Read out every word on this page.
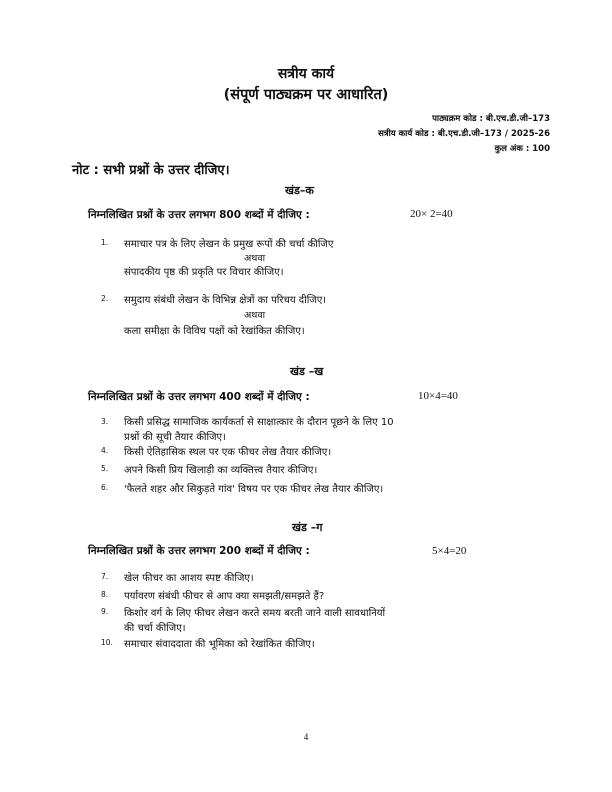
सत्रीय कार्य
(संपूर्ण पाठ्यक्रम पर आधारित)
पाठ्यक्रम कोड : बी.एच.डी.जी–173
सत्रीय कार्य कोड : बी.एच.डी.जी–173 / 2025-26
कुल अंक : 100
नोट : सभी प्रश्नों के उत्तर दीजिए।
खंड–क
निम्नलिखित प्रश्नों के उत्तर लगभग 800 शब्दों में दीजिए :	20× 2=40
1. समाचार पत्र के लिए लेखन के प्रमुख रूपों की चर्चा कीजिए
अथवा
संपादकीय पृष्ठ की प्रकृति पर विचार कीजिए।
2. समुदाय संबंधी लेखन के विभिन्न क्षेत्रों का परिचय दीजिए।
अथवा
कला समीक्षा के विविध पक्षों को रेखांकित कीजिए।
खंड –ख
निम्नलिखित प्रश्नों के उत्तर लगभग 400 शब्दों में दीजिए :	10×4=40
3. किसी प्रसिद्ध सामाजिक कार्यकर्ता से साक्षात्कार के दौरान पूछने के लिए 10
प्रश्नों की सूची तैयार कीजिए।
4. किसी ऐतिहासिक स्थल पर एक फीचर लेख तैयार कीजिए।
5. अपने किसी प्रिय खिलाड़ी का व्यक्तित्त्व तैयार कीजिए।
6. 'फैलते शहर और सिकुड़ते गांव' विषय पर एक फीचर लेख तैयार कीजिए।
खंड –ग
निम्नलिखित प्रश्नों के उत्तर लगभग 200 शब्दों में दीजिए :	5×4=20
7. खेल फीचर का आशय स्पष्ट कीजिए।
8. पर्यावरण संबंधी फीचर से आप क्या समझती/समझते हैं?
9. किशोर वर्ग के लिए फीचर लेखन करते समय बरती जाने वाली सावधानियों
की चर्चा कीजिए।
10. समाचार संवाददाता की भूमिका को रेखांकित कीजिए।
4
